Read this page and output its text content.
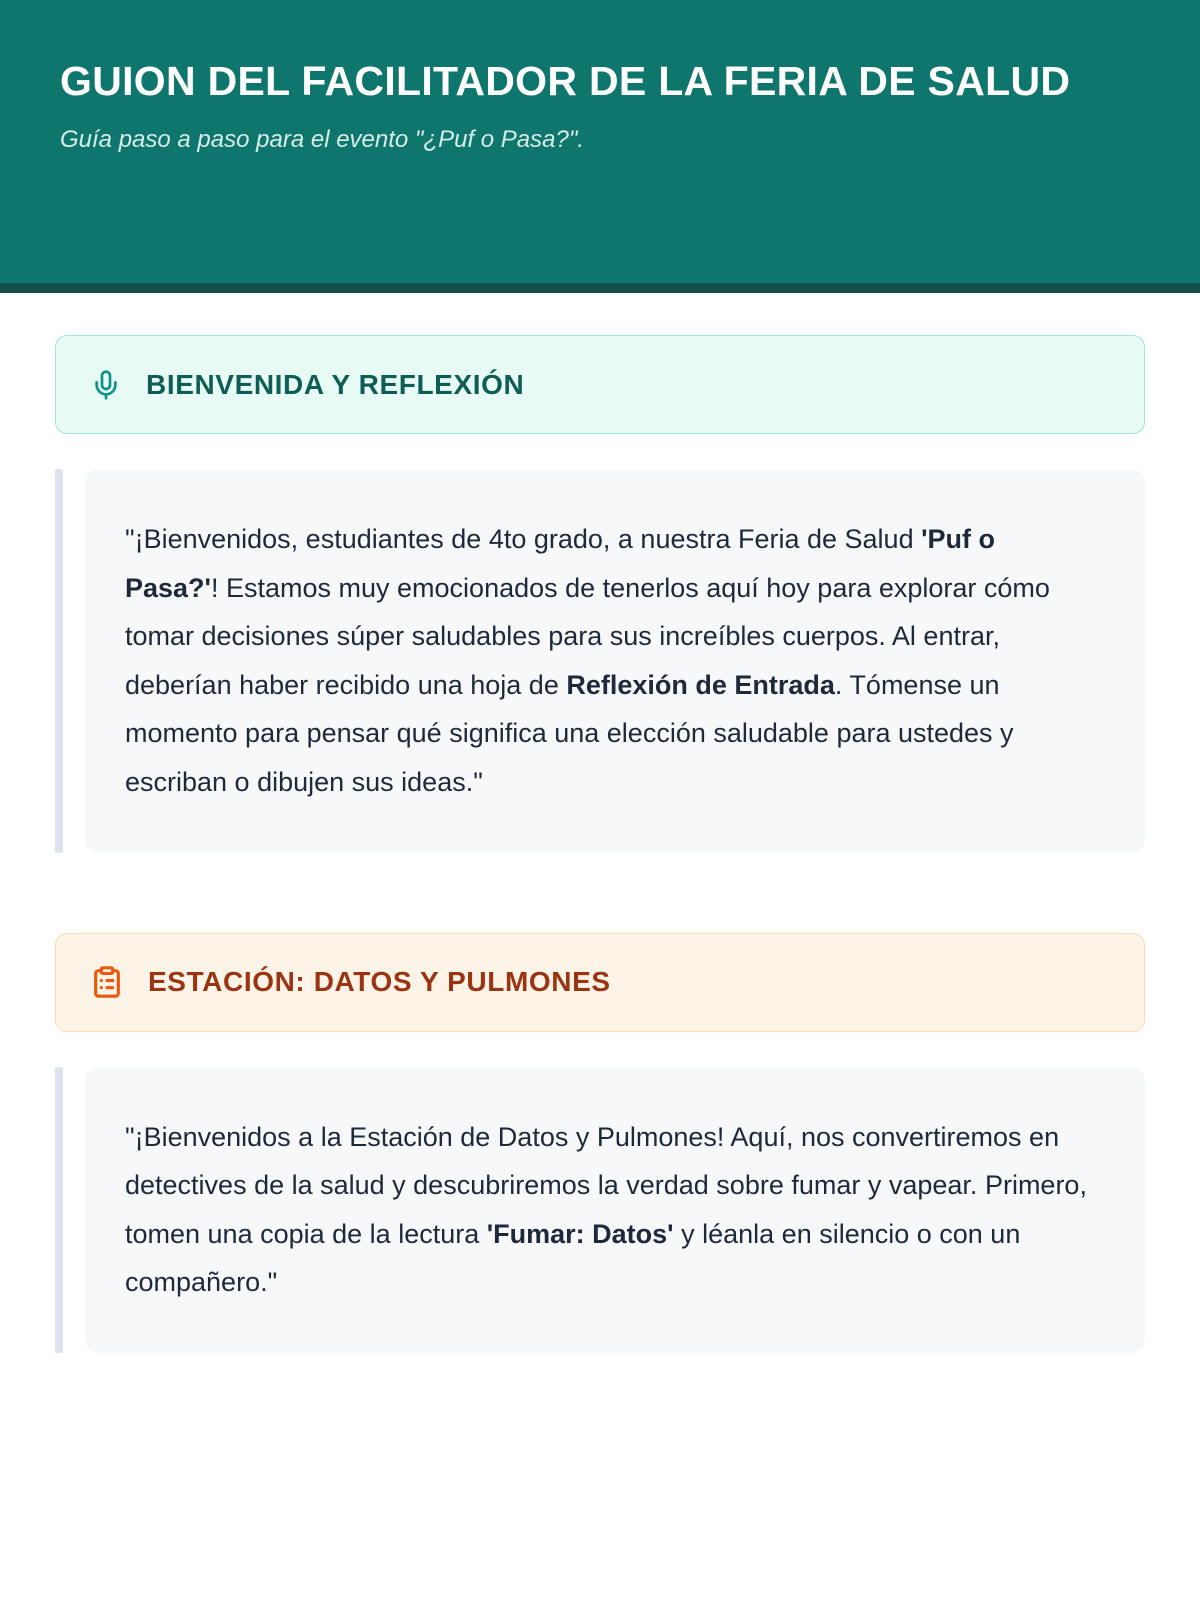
GUION DEL FACILITADOR DE LA FERIA DE SALUD

Guía paso a paso para el evento "¿Puf o Pasa?".

BIENVENIDA Y REFLEXIÓN

"¡Bienvenidos, estudiantes de 4to grado, a nuestra Feria de Salud 'Puf o Pasa?'! Estamos muy emocionados de tenerlos aquí hoy para explorar cómo tomar decisiones súper saludables para sus increíbles cuerpos. Al entrar, deberían haber recibido una hoja de Reflexión de Entrada. Tómense un momento para pensar qué significa una elección saludable para ustedes y escriban o dibujen sus ideas."

ESTACIÓN: DATOS Y PULMONES

"¡Bienvenidos a la Estación de Datos y Pulmones! Aquí, nos convertiremos en detectives de la salud y descubriremos la verdad sobre fumar y vapear. Primero, tomen una copia de la lectura 'Fumar: Datos' y léanla en silencio o con un compañero."
